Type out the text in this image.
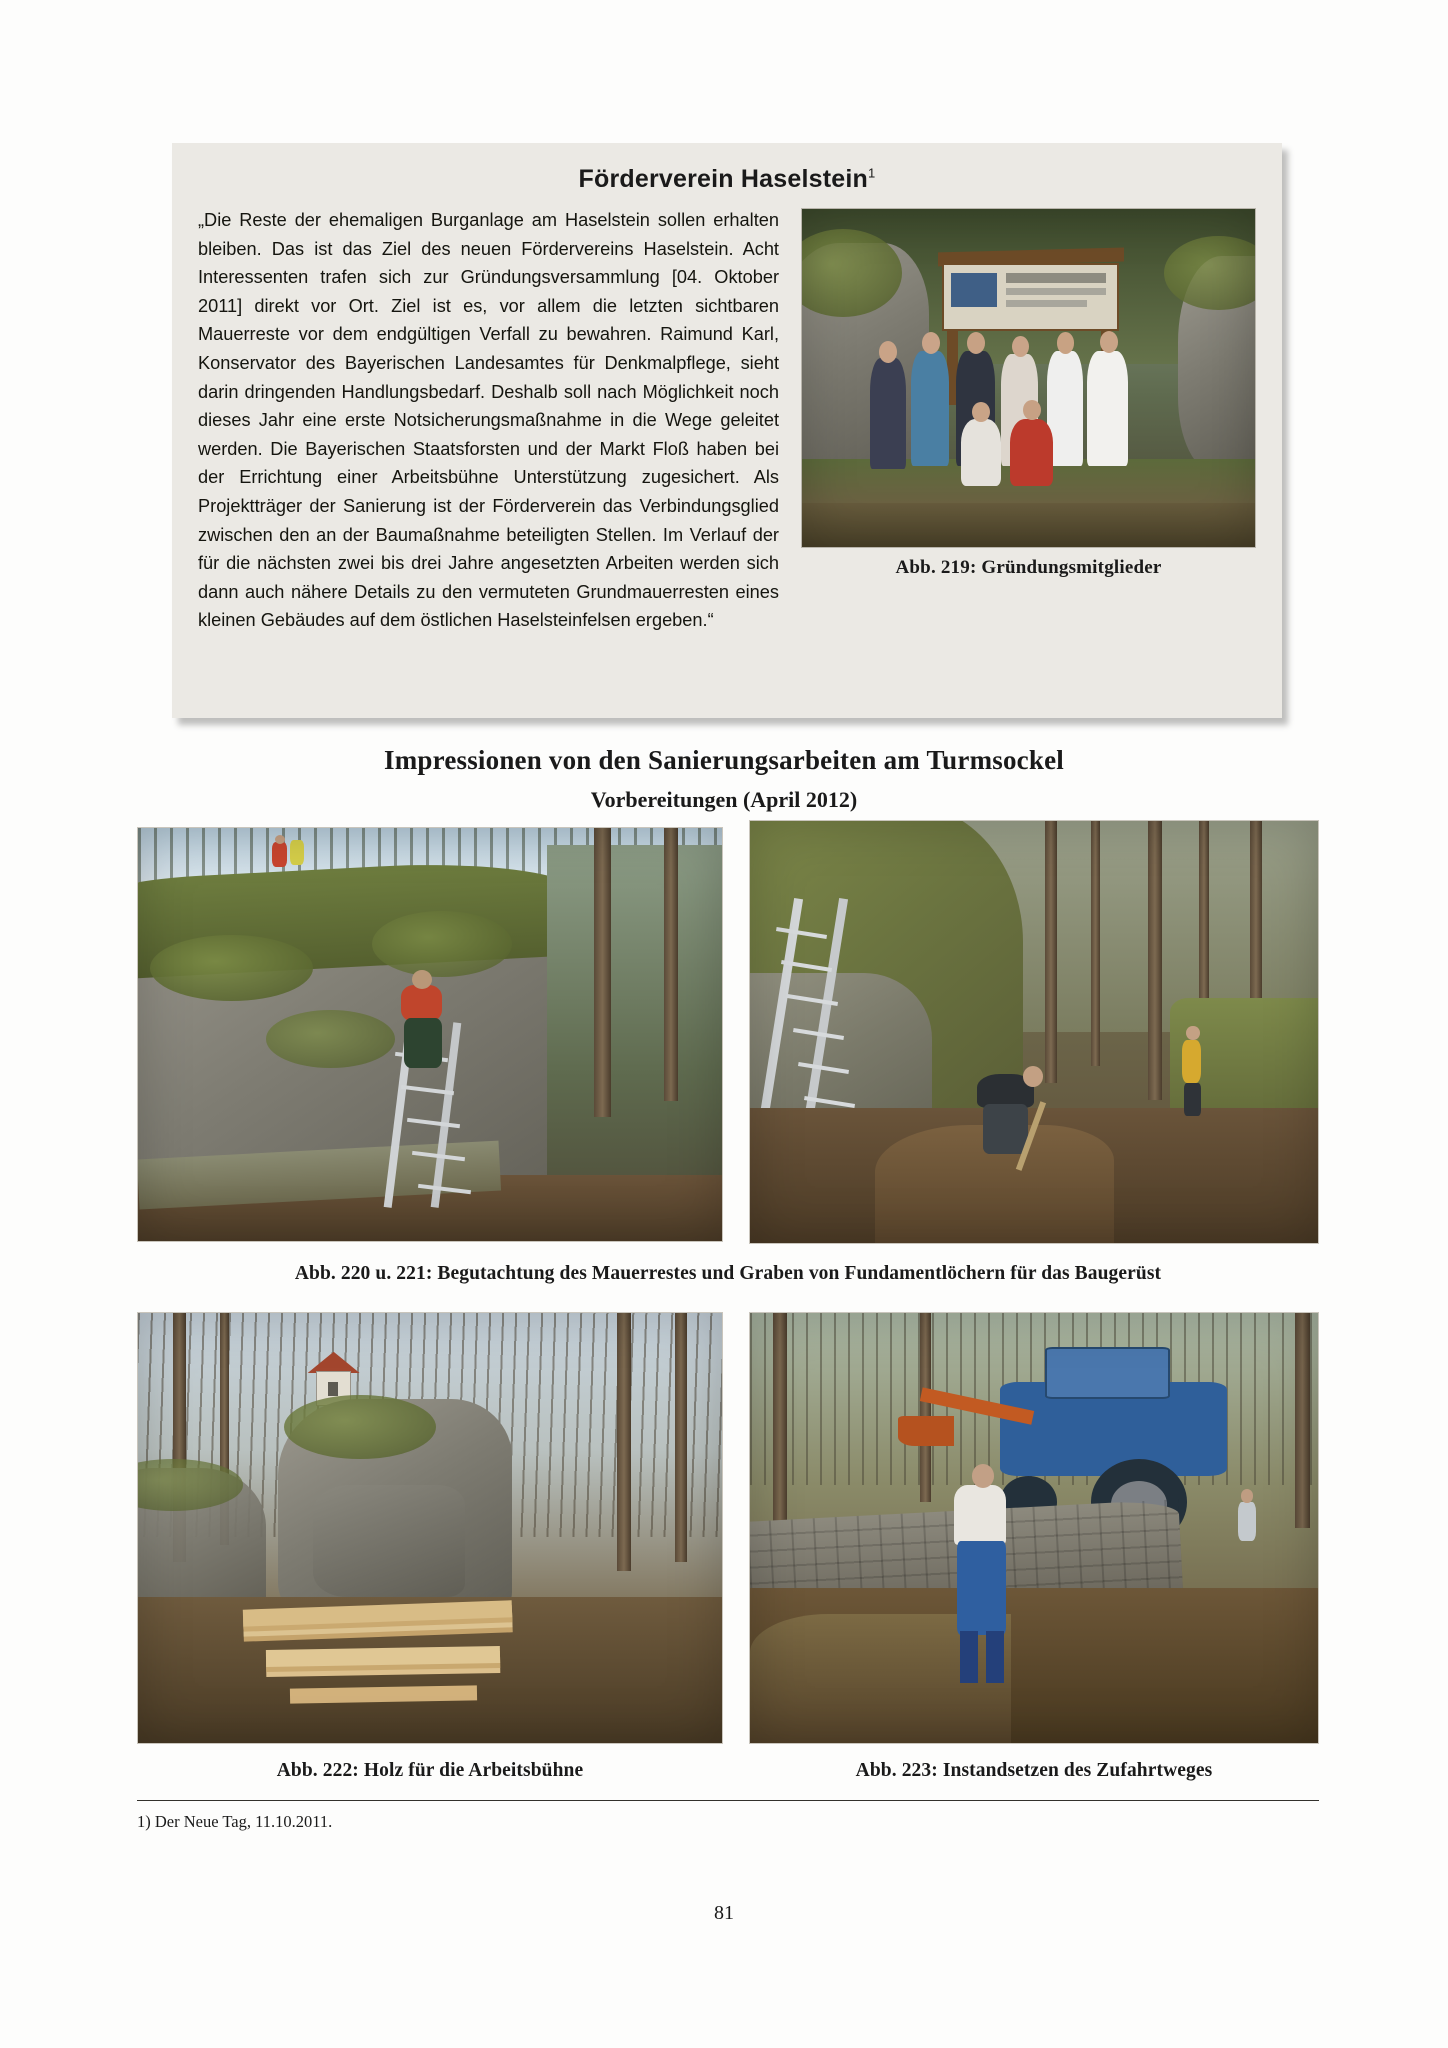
Förderverein Haselstein$^1$
Abb. 219: Gründungsmitglieder
„Die Reste der ehemaligen Burganlage am Haselstein sollen erhalten bleiben. Das ist das Ziel des neuen Fördervereins Haselstein. Acht Interessenten trafen sich zur Gründungsversammlung [04. Oktober 2011] direkt vor Ort. Ziel ist es, vor allem die letzten sichtbaren Mauerreste vor dem endgültigen Verfall zu bewahren. Raimund Karl, Konservator des Bayerischen Landesamtes für Denkmalpflege, sieht darin dringenden Handlungsbedarf. Deshalb soll nach Möglichkeit noch dieses Jahr eine erste Notsicherungsmaßnahme in die Wege geleitet werden. Die Bayerischen Staatsforsten und der Markt Floß haben bei der Errichtung einer Arbeitsbühne Unterstützung zugesichert. Als Projektträger der Sanierung ist der Förderverein das Verbindungsglied zwischen den an der Baumaßnahme beteiligten Stellen. Im Verlauf der für die nächsten zwei bis drei Jahre angesetzten Arbeiten werden sich dann auch nähere Details zu den vermuteten Grundmauerresten eines kleinen Gebäudes auf dem östlichen Haselsteinfelsen ergeben.“
Impressionen von den Sanierungsarbeiten am Turmsockel
Vorbereitungen (April 2012)
Abb. 220 u. 221: Begutachtung des Mauerrestes und Graben von Fundamentlöchern für das Baugerüst
Abb. 222: Holz für die Arbeitsbühne	Abb. 223: Instandsetzen des Zufahrtweges
1) Der Neue Tag, 11.10.2011.
81
